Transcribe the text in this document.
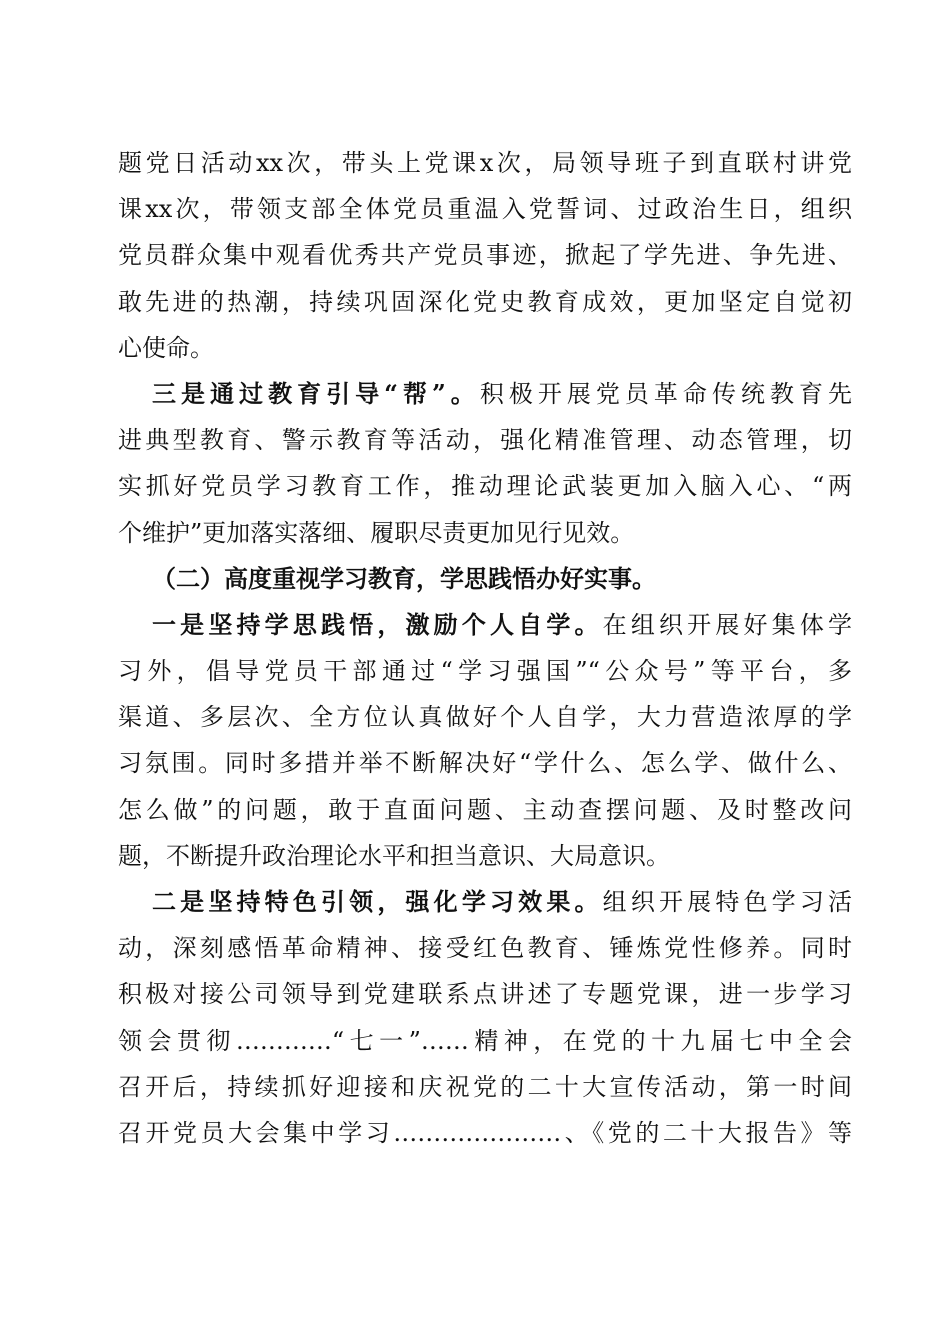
题党日活动xx次，带头上党课x次，局领导班子到直联村讲党
课xx次，带领支部全体党员重温入党誓词、过政治生日，组织
党员群众集中观看优秀共产党员事迹，掀起了学先进、争先进、
敢先进的热潮，持续巩固深化党史教育成效，更加坚定自觉初
心使命。
三是通过教育引导“帮”。积极开展党员革命传统教育先
进典型教育、警示教育等活动，强化精准管理、动态管理，切
实抓好党员学习教育工作，推动理论武装更加入脑入心、“两
个维护”更加落实落细、履职尽责更加见行见效。
（二）高度重视学习教育，学思践悟办好实事。
一是坚持学思践悟，激励个人自学。在组织开展好集体学
习外，倡导党员干部通过“学习强国”“公众号”等平台，多
渠道、多层次、全方位认真做好个人自学，大力营造浓厚的学
习氛围。同时多措并举不断解决好“学什么、怎么学、做什么、
怎么做”的问题，敢于直面问题、主动查摆问题、及时整改问
题，不断提升政治理论水平和担当意识、大局意识。
二是坚持特色引领，强化学习效果。组织开展特色学习活
动，深刻感悟革命精神、接受红色教育、锤炼党性修养。同时
积极对接公司领导到党建联系点讲述了专题党课，进一步学习
领会贯彻…………“七一”……精神，在党的十九届七中全会
召开后，持续抓好迎接和庆祝党的二十大宣传活动，第一时间
召开党员大会集中学习…………………、《党的二十大报告》等
